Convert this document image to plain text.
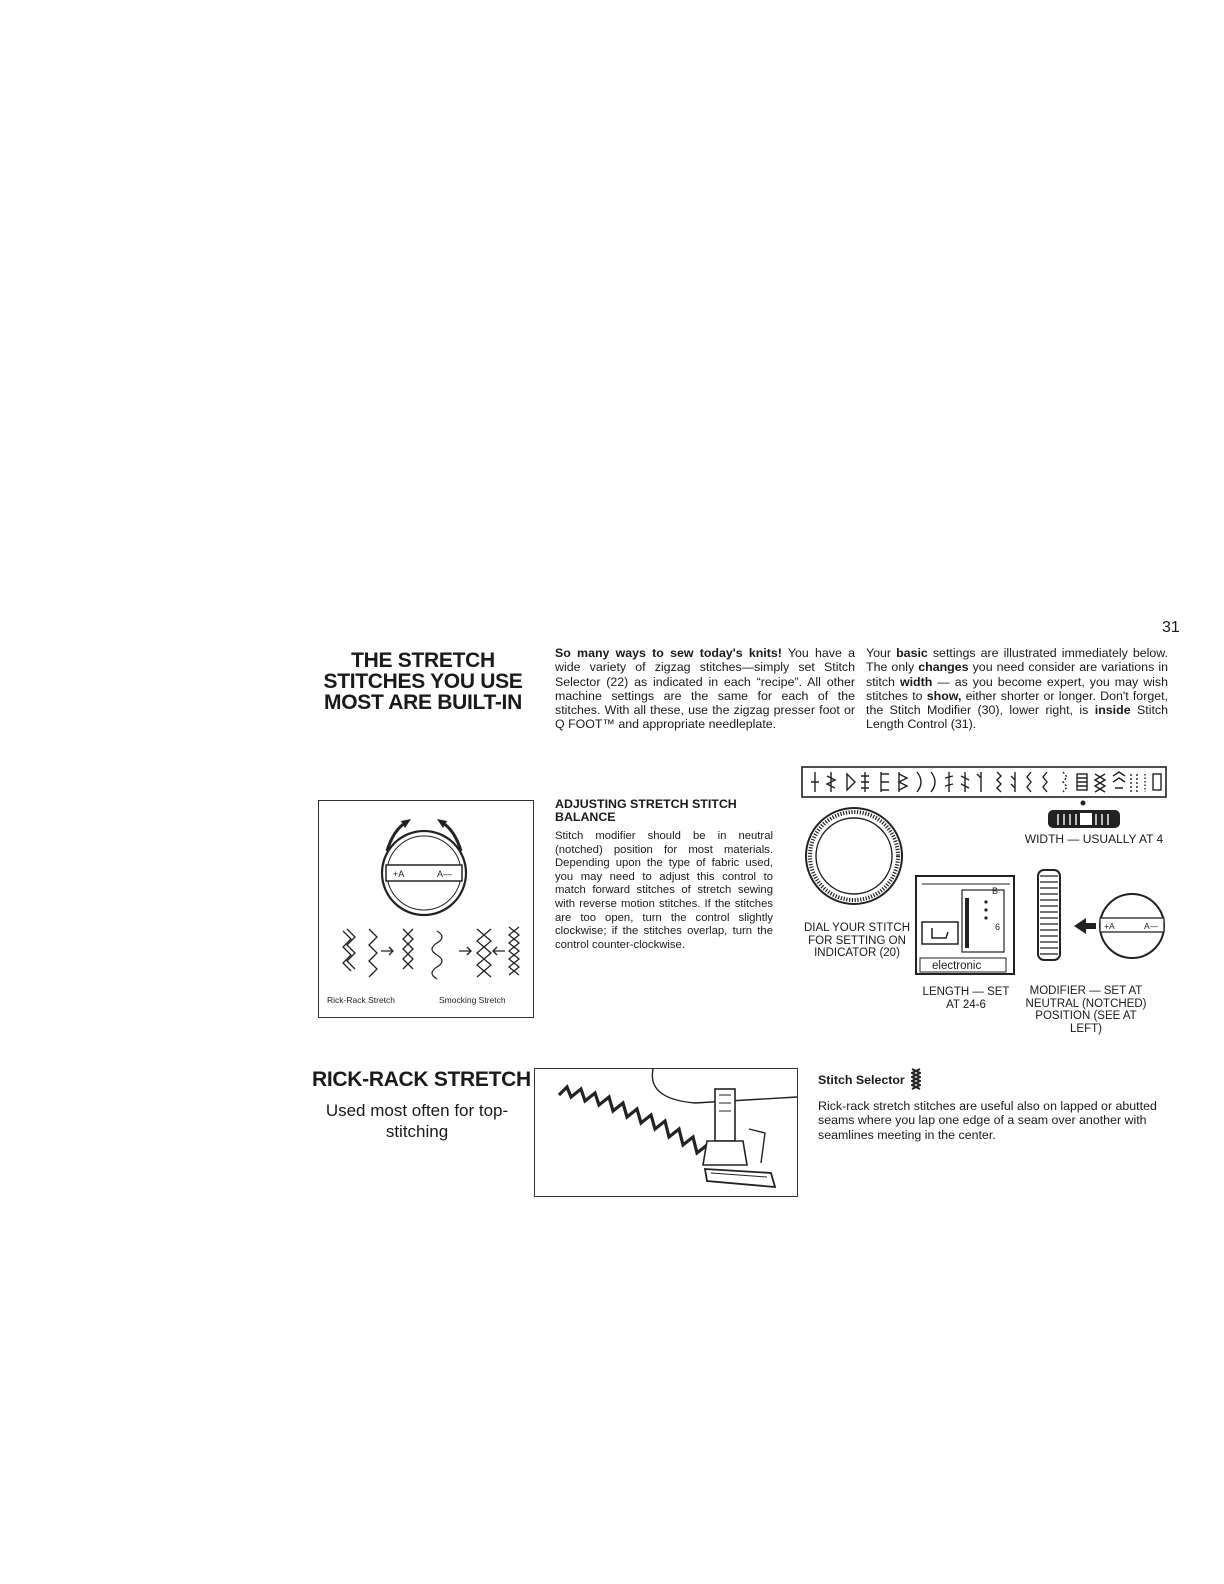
31
THE STRETCH
STITCHES YOU USE
MOST ARE BUILT-IN
So many ways to sew today's knits! You have a wide variety of zigzag stitches—simply set Stitch Selector (22) as indicated in each “recipe”. All other machine settings are the same for each of the stitches. With all these, use the zigzag presser foot or Q FOOT™ and appropriate needleplate.
Your basic settings are illustrated immediately below. The only changes you need consider are variations in stitch width — as you become expert, you may wish stitches to show, either shorter or longer. Don't forget, the Stitch Modifier (30), lower right, is inside Stitch Length Control (31).
+A	A—
Rick-Rack Stretch	Smocking Stretch
ADJUSTING STRETCH STITCH BALANCE
Stitch modifier should be in neutral (notched) position for most materials. Depending upon the type of fabric used, you may need to adjust this control to match forward stitches of stretch sewing with reverse motion stitches. If the stitches are too open, turn the control slightly clockwise; if the stitches overlap, turn the control counter-clockwise.
B
6
electronic
+A	A—
DIAL YOUR STITCH FOR SETTING ON INDICATOR (20)
WIDTH — USUALLY AT 4
LENGTH — SET AT 24-6
MODIFIER — SET AT NEUTRAL (NOTCHED) POSITION (SEE AT LEFT)
RICK-RACK STRETCH
Used most often for top-stitching
Stitch Selector
Rick-rack stretch stitches are useful also on lapped or abutted seams where you lap one edge of a seam over another with seamlines meeting in the center.
